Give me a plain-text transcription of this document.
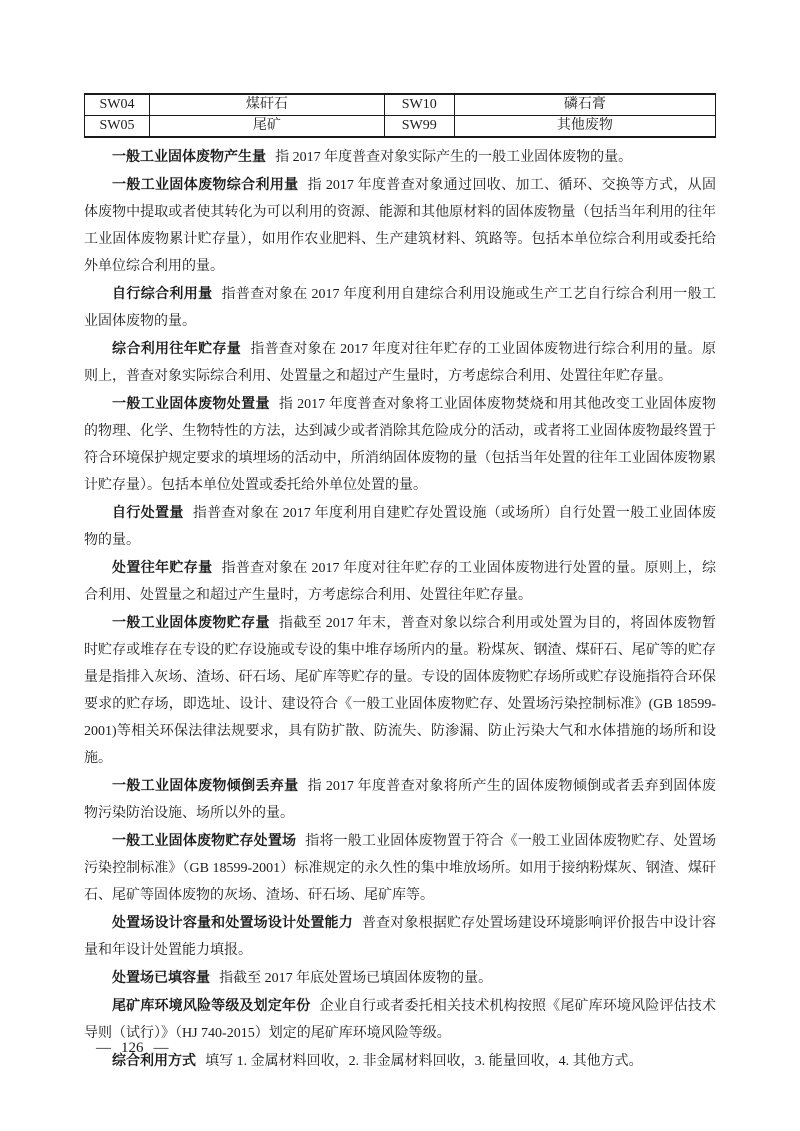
SW04	煤矸石	SW10	磷石膏
SW05	尾矿	SW99	其他废物

一般工业固体废物产生量 指 2017 年度普查对象实际产生的一般工业固体废物的量。

一般工业固体废物综合利用量 指 2017 年度普查对象通过回收、加工、循环、交换等方式，从固体废物中提取或者使其转化为可以利用的资源、能源和其他原材料的固体废物量（包括当年利用的往年工业固体废物累计贮存量），如用作农业肥料、生产建筑材料、筑路等。包括本单位综合利用或委托给外单位综合利用的量。

自行综合利用量 指普查对象在 2017 年度利用自建综合利用设施或生产工艺自行综合利用一般工业固体废物的量。

综合利用往年贮存量 指普查对象在 2017 年度对往年贮存的工业固体废物进行综合利用的量。原则上，普查对象实际综合利用、处置量之和超过产生量时，方考虑综合利用、处置往年贮存量。

一般工业固体废物处置量 指 2017 年度普查对象将工业固体废物焚烧和用其他改变工业固体废物的物理、化学、生物特性的方法，达到减少或者消除其危险成分的活动，或者将工业固体废物最终置于符合环境保护规定要求的填埋场的活动中，所消纳固体废物的量（包括当年处置的往年工业固体废物累计贮存量）。包括本单位处置或委托给外单位处置的量。

自行处置量 指普查对象在 2017 年度利用自建贮存处置设施（或场所）自行处置一般工业固体废物的量。

处置往年贮存量 指普查对象在 2017 年度对往年贮存的工业固体废物进行处置的量。原则上，综合利用、处置量之和超过产生量时，方考虑综合利用、处置往年贮存量。

一般工业固体废物贮存量 指截至 2017 年末，普查对象以综合利用或处置为目的，将固体废物暂时贮存或堆存在专设的贮存设施或专设的集中堆存场所内的量。粉煤灰、钢渣、煤矸石、尾矿等的贮存量是指排入灰场、渣场、矸石场、尾矿库等贮存的量。专设的固体废物贮存场所或贮存设施指符合环保要求的贮存场，即选址、设计、建设符合《一般工业固体废物贮存、处置场污染控制标准》(GB 18599-2001)等相关环保法律法规要求，具有防扩散、防流失、防渗漏、防止污染大气和水体措施的场所和设施。

一般工业固体废物倾倒丢弃量 指 2017 年度普查对象将所产生的固体废物倾倒或者丢弃到固体废物污染防治设施、场所以外的量。

一般工业固体废物贮存处置场 指将一般工业固体废物置于符合《一般工业固体废物贮存、处置场污染控制标准》（GB 18599-2001）标准规定的永久性的集中堆放场所。如用于接纳粉煤灰、钢渣、煤矸石、尾矿等固体废物的灰场、渣场、矸石场、尾矿库等。

处置场设计容量和处置场设计处置能力 普查对象根据贮存处置场建设环境影响评价报告中设计容量和年设计处置能力填报。

处置场已填容量 指截至 2017 年底处置场已填固体废物的量。

尾矿库环境风险等级及划定年份 企业自行或者委托相关技术机构按照《尾矿库环境风险评估技术导则（试行）》（HJ 740-2015）划定的尾矿库环境风险等级。

综合利用方式 填写 1. 金属材料回收，2. 非金属材料回收，3. 能量回收，4. 其他方式。

— 126 —
